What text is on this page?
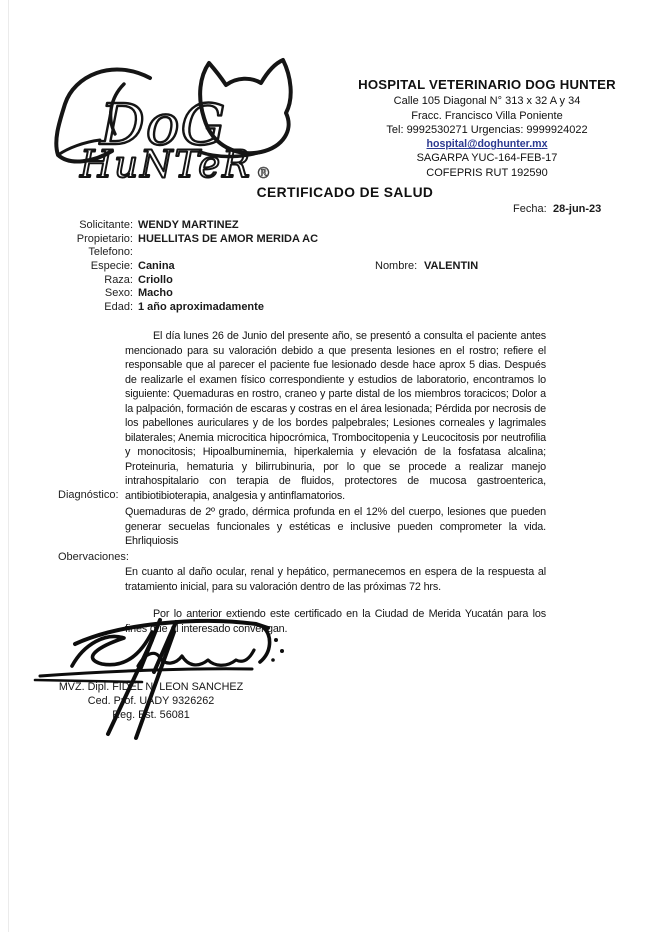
DoG
HuNTeR ®
HOSPITAL VETERINARIO DOG HUNTER
Calle 105 Diagonal N° 313 x 32 A y 34
Fracc. Francisco Villa Poniente
Tel: 9992530271 Urgencias: 9999924022
hospital@doghunter.mx
SAGARPA YUC-164-FEB-17
COFEPRIS RUT 192590
CERTIFICADO DE SALUD
Fecha: 28-jun-23
Solicitante: WENDY MARTINEZ
Propietario: HUELLITAS DE AMOR MERIDA AC
Telefono:
Especie: Canina	Nombre: VALENTIN
Raza: Criollo
Sexo: Macho
Edad: 1 año aproximadamente
El día lunes 26 de Junio del presente año, se presentó a consulta el paciente antes mencionado para su valoración debido a que presenta lesiones en el rostro; refiere el responsable que al parecer el paciente fue lesionado desde hace aprox 5 dias. Después de realizarle el examen físico correspondiente y estudios de laboratorio, encontramos lo siguiente: Quemaduras en rostro, craneo y parte distal de los miembros toracicos; Dolor a la palpación, formación de escaras y costras en el área lesionada; Pérdida por necrosis de los pabellones auriculares y de los bordes palpebrales; Lesiones corneales y lagrimales bilaterales; Anemia microcitica hipocrómica, Trombocitopenia y Leucocitosis por neutrofilia y monocitosis; Hipoalbuminemia, hiperkalemia y elevación de la fosfatasa alcalina; Proteinuria, hematuria y bilirrubinuria, por lo que se procede a realizar manejo intrahospitalario con terapia de fluidos, protectores de mucosa gastroenterica, antibiotibioterapia, analgesia y antinflamatorios.
Diagnóstico:
Quemaduras de 2º grado, dérmica profunda en el 12% del cuerpo, lesiones que pueden generar secuelas funcionales y estéticas e inclusive pueden comprometer la vida. Ehrliquiosis
Obervaciones:
En cuanto al daño ocular, renal y hepático, permanecemos en espera de la respuesta al tratamiento inicial, para su valoración dentro de las próximas 72 hrs.
Por lo anterior extiendo este certificado en la Ciudad de Merida Yucatán para los fines que al interesado convengan.
MVZ. Dipl. FIDEL N. LEON SANCHEZ
Ced. Prof. UADY 9326262
Reg. Est. 56081
